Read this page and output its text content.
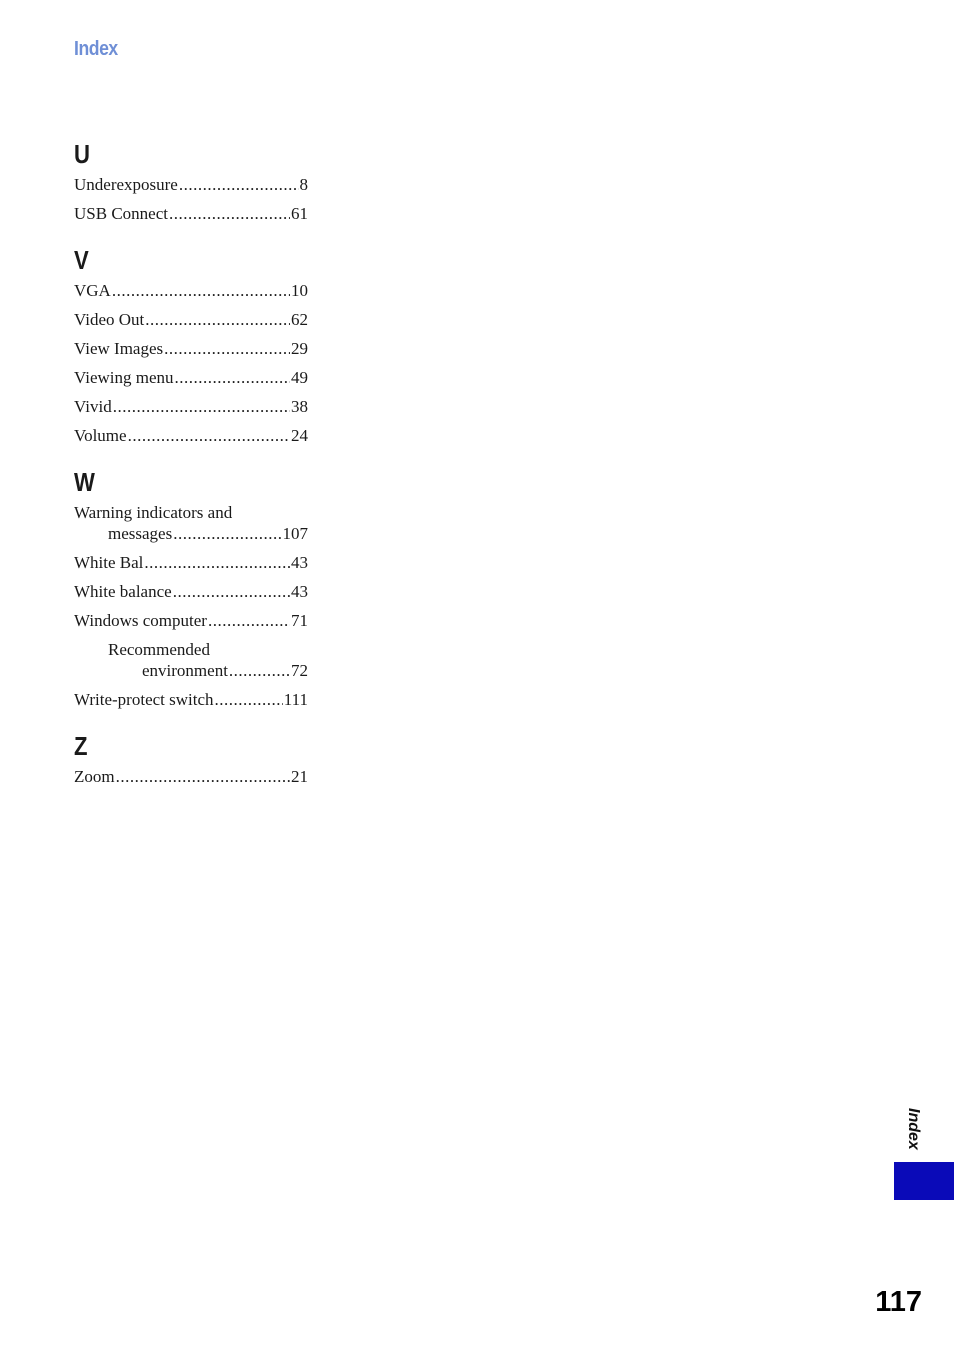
Index
U
Underexposure .....	8
USB Connect .....	61
V
VGA .....	10
Video Out .....	62
View Images .....	29
Viewing menu .....	49
Vivid .....	38
Volume .....	24
W
Warning indicators and
messages .....	107
White Bal .....	43
White balance .....	43
Windows computer .....	71
Recommended
environment .....	72
Write-protect switch .....	111
Z
Zoom .....	21
Index
117
